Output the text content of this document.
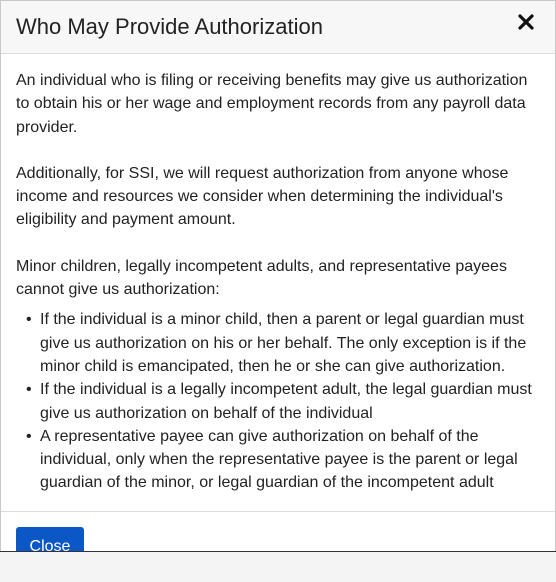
Who May Provide Authorization

An individual who is filing or receiving benefits may give us authorization to obtain his or her wage and employment records from any payroll data provider.

Additionally, for SSI, we will request authorization from anyone whose income and resources we consider when determining the individual's eligibility and payment amount.

Minor children, legally incompetent adults, and representative payees cannot give us authorization:

• If the individual is a minor child, then a parent or legal guardian must give us authorization on his or her behalf. The only exception is if the minor child is emancipated, then he or she can give authorization.
• If the individual is a legally incompetent adult, the legal guardian must give us authorization on behalf of the individual
• A representative payee can give authorization on behalf of the individual, only when the representative payee is the parent or legal guardian of the minor, or legal guardian of the incompetent adult
Close
